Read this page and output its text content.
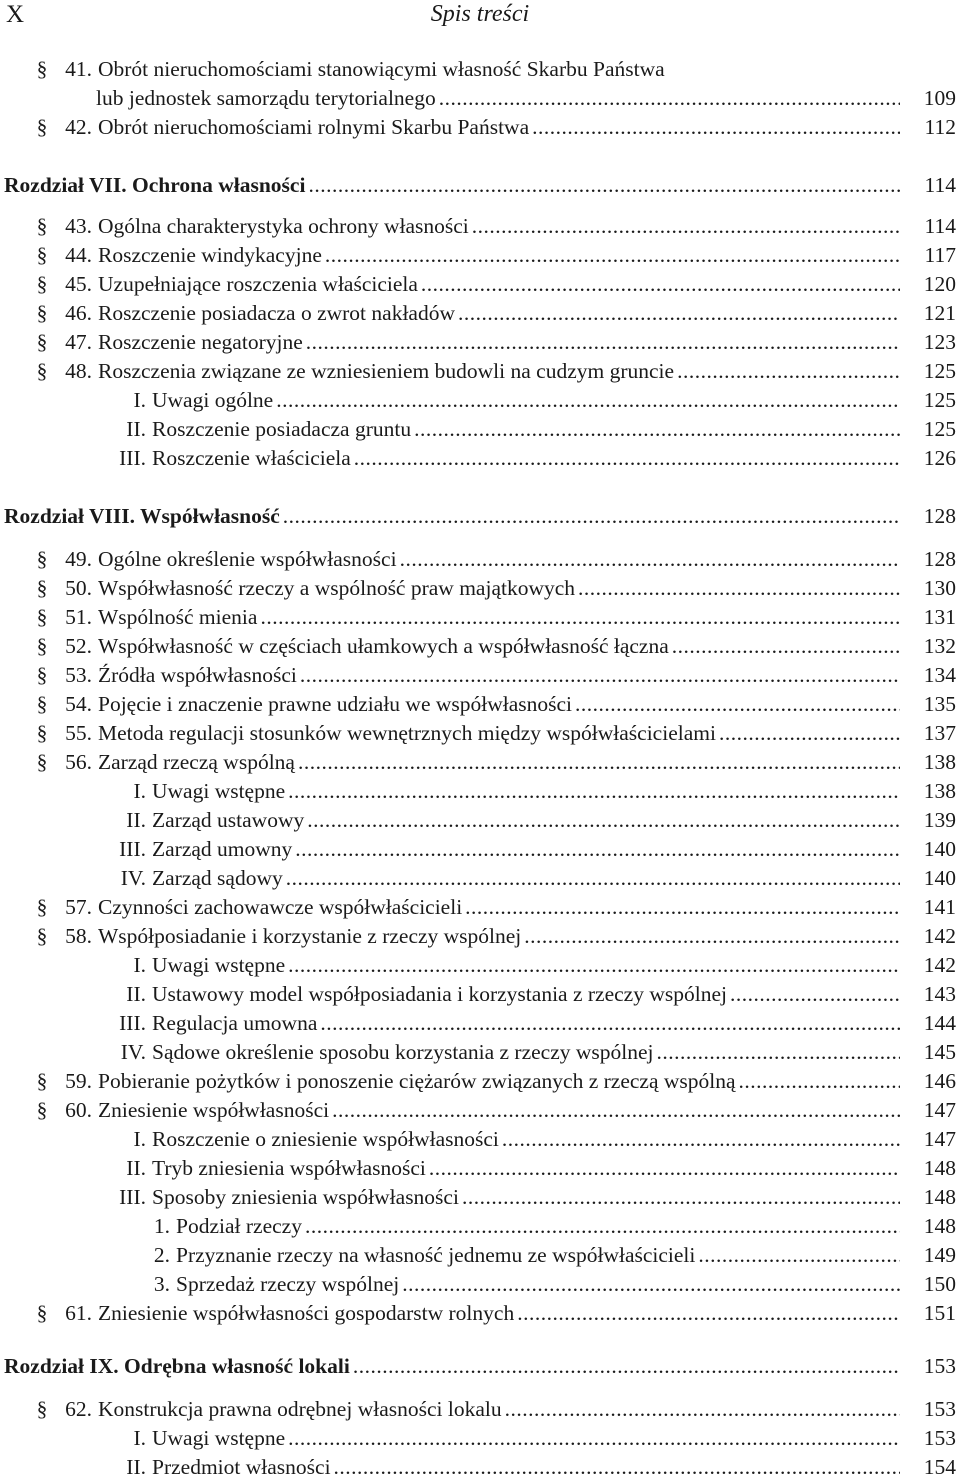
X	Spis treści
§ 41. Obrót nieruchomościami stanowiącymi własność Skarbu Państwa
lub jednostek samorządu terytorialnego .....	109
§ 42. Obrót nieruchomościami rolnymi Skarbu Państwa .....	112
Rozdział VII. Ochrona własności .....	114
§ 43. Ogólna charakterystyka ochrony własności .....	114
§ 44. Roszczenie windykacyjne .....	117
§ 45. Uzupełniające roszczenia właściciela .....	120
§ 46. Roszczenie posiadacza o zwrot nakładów .....	121
§ 47. Roszczenie negatoryjne .....	123
§ 48. Roszczenia związane ze wzniesieniem budowli na cudzym gruncie .....	125
I. Uwagi ogólne .....	125
II. Roszczenie posiadacza gruntu .....	125
III. Roszczenie właściciela .....	126
Rozdział VIII. Współwłasność .....	128
§ 49. Ogólne określenie współwłasności .....	128
§ 50. Współwłasność rzeczy a wspólność praw majątkowych .....	130
§ 51. Wspólność mienia .....	131
§ 52. Współwłasność w częściach ułamkowych a współwłasność łączna .....	132
§ 53. Źródła współwłasności .....	134
§ 54. Pojęcie i znaczenie prawne udziału we współwłasności .....	135
§ 55. Metoda regulacji stosunków wewnętrznych między współwłaścicielami .....	137
§ 56. Zarząd rzeczą wspólną .....	138
I. Uwagi wstępne .....	138
II. Zarząd ustawowy .....	139
III. Zarząd umowny .....	140
IV. Zarząd sądowy .....	140
§ 57. Czynności zachowawcze współwłaścicieli .....	141
§ 58. Współposiadanie i korzystanie z rzeczy wspólnej .....	142
I. Uwagi wstępne .....	142
II. Ustawowy model współposiadania i korzystania z rzeczy wspólnej .....	143
III. Regulacja umowna .....	144
IV. Sądowe określenie sposobu korzystania z rzeczy wspólnej .....	145
§ 59. Pobieranie pożytków i ponoszenie ciężarów związanych z rzeczą wspólną .....	146
§ 60. Zniesienie współwłasności .....	147
I. Roszczenie o zniesienie współwłasności .....	147
II. Tryb zniesienia współwłasności .....	148
III. Sposoby zniesienia współwłasności .....	148
1. Podział rzeczy .....	148
2. Przyznanie rzeczy na własność jednemu ze współwłaścicieli .....	149
3. Sprzedaż rzeczy wspólnej .....	150
§ 61. Zniesienie współwłasności gospodarstw rolnych .....	151
Rozdział IX. Odrębna własność lokali .....	153
§ 62. Konstrukcja prawna odrębnej własności lokalu .....	153
I. Uwagi wstępne .....	153
II. Przedmiot własności .....	154
